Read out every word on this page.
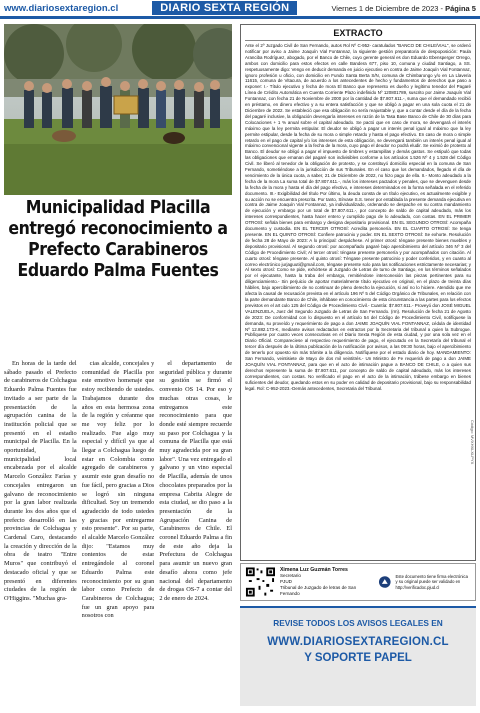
www.diariosextaregion.cl	DIARIO SEXTA REGIÓN	Viernes 1 de Diciembre de 2023 - Página 5
Municipalidad Placilla entregó reconocimiento a Prefecto Carabineros Eduardo Palma Fuentes

En horas de la tarde del sábado pasado el Prefecto de carabineros de Colchagua Eduardo Palma Fuentes fue invitado a ser parte de la presentación de la agrupación canina de la institución policial que se presentó en el estadio municipal de Placilla. En la oportunidad, la municipalidad local encabezada por el alcalde Marcelo González Farías y concejales entregaron un galvano de reconocimiento por la gran labor realizada durante los dos años que el prefecto desarrolló en las provincias de Colchagua y Cardenal Caro, destacando la creación y dirección de la obra de teatro "Entre Muros" que contribuyó el destacado oficial y que se presentó en diferentes ciudades de la región de O'Higgins. "Muchas gra-

cias alcalde, concejales y comunidad de Placilla por este emotivo homenaje que estoy recibiendo de ustedes. Trabajamos durante dos años en esta hermosa zona de la región y créanme que me voy feliz por lo realizado. Fue algo muy especial y difícil ya que al llegar a Colchagua luego de estar en Colombia como agregado de carabineros y asumir este gran desafío no fue fácil, pero gracias a Dios se logró sin ninguna dificultad. Soy un tremendo agradecido de todo ustedes y gracias por entregarme esto presente". Por su parte, el alcalde Marcelo González dijo: "Estamos muy contentos de estar entregándole al coronel Eduardo Palma este reconocimiento por su gran labor como Prefecto de Carabineros de Colchagua; fue un gran apoyo para nosotros con

el departamento de seguridad pública y durante su gestión se firmó el convenio OS 14. Por eso y muchas otras cosas, le entregamos este reconocimiento para que donde esté siempre recuerde su paso por Colchagua y la comuna de Placilla que está muy agradecida por su gran labor". Una vez entregado el galvano y un vino especial de Placilla, además de unos chocolates preparados por la empresa Cabrita Alegre de esta ciudad, se dio paso a la presentación de la Agrupación Canina de Carabineros de Chile. El coronel Eduardo Palma a fin de este año deja la Prefectura de Colchagua para asumir un nuevo gran desafío ahora como jefe nacional del departamento de drogas OS-7 a contar del 2 de enero de 2024.

EXTRACTO
Ante el 2º Juzgado Civil de San Fernando, autos Rol Nº C-952- caratulados "BANCO DE CHILE/VIAL", se ordenó notificar por aviso a Jaime Joaquín Vial Fontannaz, la siguiente gestión preparatoria de despoposición: Paula Aranciba Rodríguez, abogado, por el Banco de Chile, cuyo gerente general es don Eduardo Ebensperger Orrego, ambos con domicilio para estos efectos en calle Bandera 677, piso 10, comuna y ciudad Santiago, a SS. respetuosamente digo: Vengo en deducir demanda en juicio ejecutivo en contra de Jaime Joaquín Vial Fontannaz, ignoro profesión u oficio, con domicilio en Fundo Santa Berta S/N, comuna de Chimbarongo y/o en La Llaveria 11615, comuna de Vitacura, de acuerdo a los antecedentes de hecho y fundamentos de derechos que paso a exponer: I.- Título ejecutivo y fecha de mora El Banco que represento es dueño y legítimo tenedor del Pagaré Línea de Crédito Automática en Cuenta Corriente Plazo indefinido Nº 120801789, suscrito por Jaime Joaquín Vial Fontannaz, con fecha 21 de Noviembre de 2000 por la cantidad de $7.807.611.-, suma que el demandado recibió en préstamo, en dinero efectivo y a su entera satisfacción y que se obligó a pagar en una sola cuota el 21 de Diciembre de 2022. Se estableció que esa obligación no sería reajustable y, que a contar desde el día de la fecha del pagaré inclusive, la obligación devengaría intereses en razón de la Tasa Base Banco de Chile de 30 días para Colocaciones + 1 % anual sobre el capital adeudado. Se pactó que en caso de mora, se devengará el interés máximo que la ley permita estipular. El deudor se obligó a pagar un interés penal igual al máximo que la ley permite estipular, desde la fecha de su mora o simple retardo y hasta el pago efectivo. En caso de mora o simple retardo en el pago de capital y/o los intereses de esta obligación, se devengará también un interés penal igual al máximo convencional vigente a la fecha de la mora, cuyo pago el deudor no podrá eludir. Se eximió de protesto al Banco. El deudor se obligó a pagar el impuesto de timbres y estampillas y demás gastos. Se estipuló que todas las obligaciones que emanan del pagaré son indivisibles conforme a los artículos 1.526 Nº 4 y 1.528 del Código Civil. Se liberó al tenedor de la obligación de protesto, y se constituyó domicilio especial en la comuna de San Fernando, sometiéndose a la jurisdicción de sus Tribunales. En el caso que los demandados, llegado el día de vencimiento de la única cuota, a saber, 21 de Diciembre de 2022, no hizo pago de ella. II.- Monto adeudado a la fecha de la mora La suma total de $7.807.611.-, más los intereses pactados y penales, que se devenguen desde la fecha de la mora y hasta el día del pago efectivo, e intereses determinados en la forma señalada en el referido documento. III.- Exigibilidad del título Por último, la deuda consta de un título ejecutivo, es actualmente exigible y su acción no se encuentra prescrita. Por tanto, Sírvase S.S. tener por entablada la presente demanda ejecutiva en contra de Jaime Joaquín Vial Fontannaz, ya individualizado, ordenando se despache en su contra mandamiento de ejecución y embargo por un total de $7.807.611.-, por concepto de saldo de capital adeudado, más los intereses correspondientes, hasta hacer entero y cumplido pago de lo adeudado, con costas. EN EL PRIMER OTROSÍ: señala bienes para embargo y designa depositario provisional. EN EL SEGUNDO OTROSÍ: Acompaña documento y custodia. EN EL TERCER OTROSÍ: Acredita personería. EN EL CUARTO OTROSÍ: Se tenga presente. EN EL QUINTO OTROSÍ: Confiere patrocinio y poder. EN EL SEXTO OTROSÍ: Se exhorte. Resolución de fecha 28 de Mayo de 2023: A lo principal: despáchese. Al primer otrosí: téngase presente bienes muebles y depositario provisional. Al segundo otrosí: por acompañado pagaré bajo apercibimiento del artículo 346 Nº 3 del Código de Procedimiento Civil; Al tercer otrosí: téngase presente personería y por acompañados con citación. Al cuarto otrosí: téngase presente. Al quinto otrosí: Téngase presente patrocinio y poder conferidos, y en cuanto al correo electrónico jurjaguuti@gmail.com, téngase presente solo para las notificaciones estrictamente necesarias; y Al sexto otrosí: Como se pide, exhórtese al Juzgado de Letras de turno de Santiago, en los términos señalados por el ejecutante, hasta la traba del embargo, remitiéndose interconexión las piezas pertinentes para su diligenciamiento.- Sin perjuicio de aportar materialmente título ejecutivo en original, en el plazo de treinta días hábiles, bajo apercibimiento de no continuar de pleno derecho la ejecución, si así no lo hiciere. Atendido que me afecta la causal de recusación prevista en el artículo 196 Nº 5 del Código Orgánico de Tribunales, en relación con la parte demandante Banco de Chile, inhábase en conocimiento de esta circunstancia a las partes para los efectos previstos en el art culo 125 del Código de Procedimiento Civil.- Cuantía: $7.807.611.- Proveyó don JOSÉ MIGUEL VALENZUELA, Juez del Segundo Juzgado de Letras de San Fernando. (rm). Resolución de fecha 21 de Agosto de 2023: De conformidad con lo dispuesto en el artículo 54 del Código de Procedimiento Civil, notifíquese la demanda, su proveído y requerimiento de pago a don JAIME JOAQUÍN VIAL FONTANNAZ, cédula de identidad Nº 12.882.173-K, mediante avisos redactados en extractos por la Secretaria del tribunal a quien la Subrogue. Publíquese por cuatro veces consecutivas en el Diario Sexta Región de esta ciudad, y por una sola vez en el Diario Oficial. Compareciese al respectivo requerimiento de pago, el ejecutado en la Secretaría del tribunal el tercer día después de la última publicación de la notificación por avisos, a las 09:30 horas, bajo el apercibimiento de tenerlo por opuesto sin más trámite a la diligencia. Notifíquese por el estado diario de hoy. MANDAMIENTO: San Fernando, veintisiete de Mayo de dos mil veintitrés.- Un Ministro de Fe requerirá de pago a don JAIME JOAQUÍN VIAL FONTANNAZ, para que en el acto de intimación pague a BANCO DE CHILE, o a quien sus derechos represente la suma de $7.807.611, por concepto de saldo de capital adeudado, más los intereses correspondientes, con costas. No verificado el pago en el acto de la intimación, trábese embargo en bienes suficientes del deudor, quedando estos en su poder en calidad de depositario provisional, bajo su responsabilidad legal. Rol: C-952-2023.-Demás antecedentes, Secretaria del Tribunal.
Ximena Luz Guzmán Torres
Secretario
PJUD
Tribunal de Juzgado de letras de San Fernando
Este documento tiene firma electrónica y su original puede ser validado en http://verificadoc.pjud.cl
Código: MVXHXLXLPYX
REVISE TODOS LOS AVISOS LEGALES EN
WWW.DIARIOSEXTAREGION.CL
Y SOPORTE PAPEL
